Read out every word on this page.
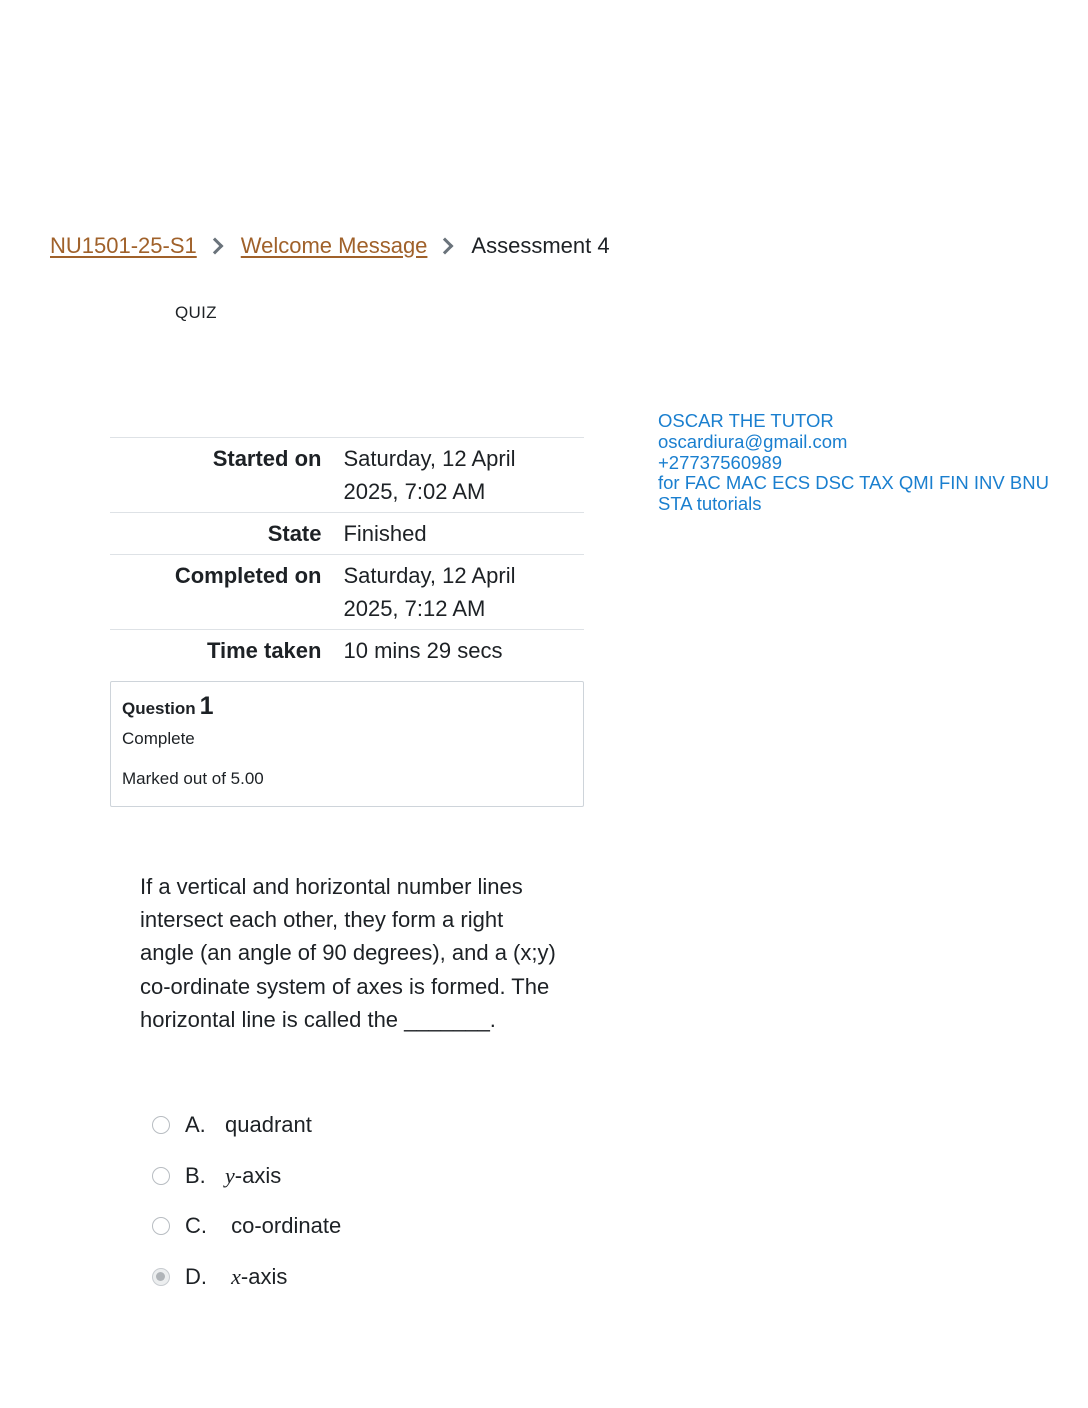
NU1501-25-S1 Welcome Message Assessment 4
QUIZ
OSCAR THE TUTOR
oscardiura@gmail.com
+27737560989
for FAC MAC ECS DSC TAX QMI FIN INV BNU
STA tutorials
Started on	Saturday, 12 April
2025, 7:02 AM

State	Finished
Completed on	Saturday, 12 April
2025, 7:12 AM

Time taken	10 mins 29 secs
Question 1
Complete
Marked out of 5.00
If a vertical and horizontal number lines intersect each other, they form a right angle (an angle of 90 degrees), and a (x;y) co-ordinate system of axes is formed. The horizontal line is called the _______.
A. quadrant
B. y-axis
C.	co-ordinate
D.	x-axis
